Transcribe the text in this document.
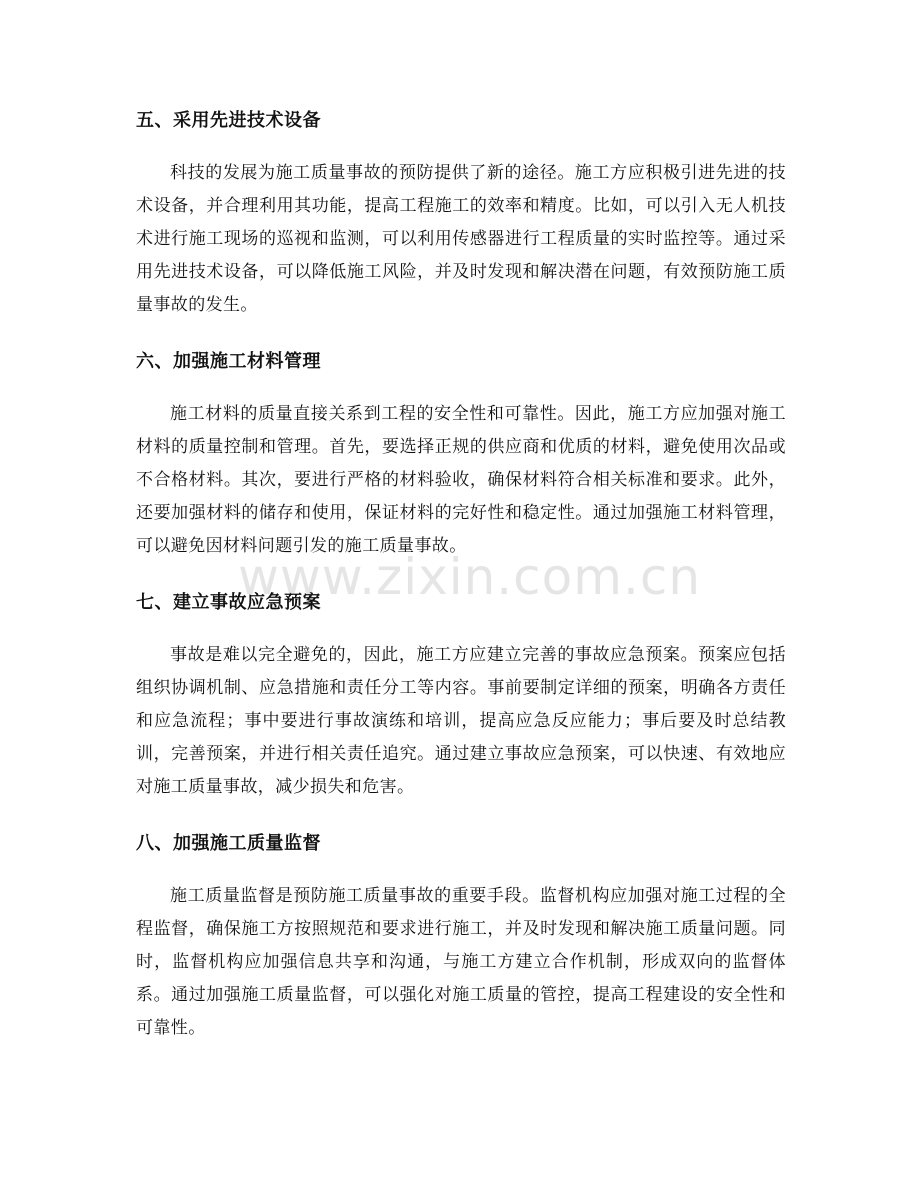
五、采用先进技术设备

科技的发展为施工质量事故的预防提供了新的途径。施工方应积极引进先进的技术设备，并合理利用其功能，提高工程施工的效率和精度。比如，可以引入无人机技术进行施工现场的巡视和监测，可以利用传感器进行工程质量的实时监控等。通过采用先进技术设备，可以降低施工风险，并及时发现和解决潜在问题，有效预防施工质量事故的发生。

六、加强施工材料管理

施工材料的质量直接关系到工程的安全性和可靠性。因此，施工方应加强对施工材料的质量控制和管理。首先，要选择正规的供应商和优质的材料，避免使用次品或不合格材料。其次，要进行严格的材料验收，确保材料符合相关标准和要求。此外，还要加强材料的储存和使用，保证材料的完好性和稳定性。通过加强施工材料管理，可以避免因材料问题引发的施工质量事故。

七、建立事故应急预案

事故是难以完全避免的，因此，施工方应建立完善的事故应急预案。预案应包括组织协调机制、应急措施和责任分工等内容。事前要制定详细的预案，明确各方责任和应急流程；事中要进行事故演练和培训，提高应急反应能力；事后要及时总结教训，完善预案，并进行相关责任追究。通过建立事故应急预案，可以快速、有效地应对施工质量事故，减少损失和危害。

八、加强施工质量监督

施工质量监督是预防施工质量事故的重要手段。监督机构应加强对施工过程的全程监督，确保施工方按照规范和要求进行施工，并及时发现和解决施工质量问题。同时，监督机构应加强信息共享和沟通，与施工方建立合作机制，形成双向的监督体系。通过加强施工质量监督，可以强化对施工质量的管控，提高工程建设的安全性和可靠性。

www.zixin.com.cn
